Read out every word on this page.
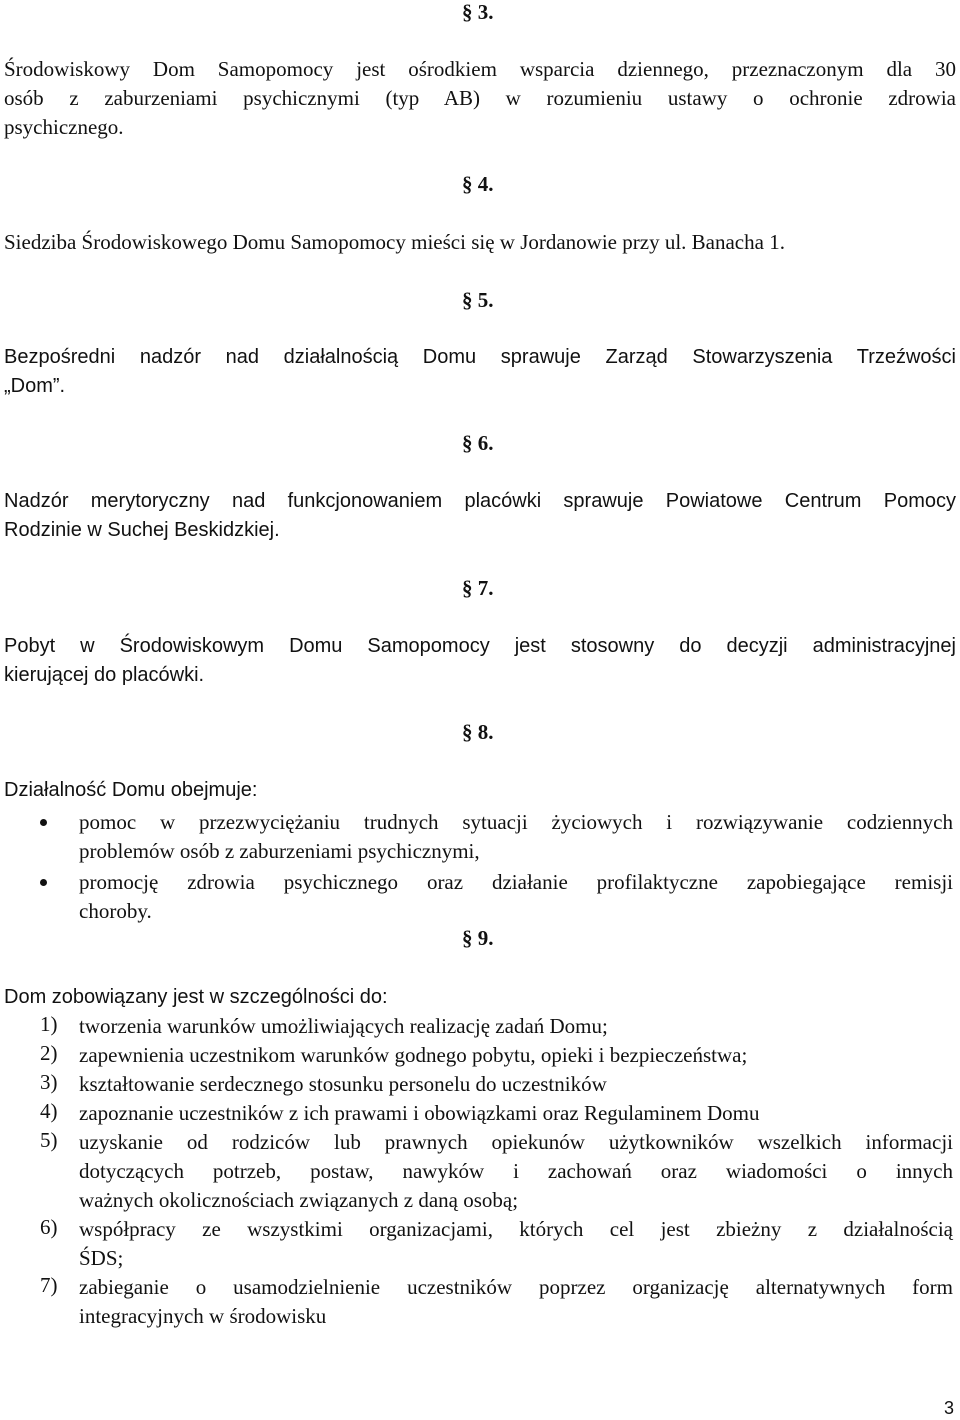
§ 3.
Środowiskowy Dom Samopomocy jest ośrodkiem wsparcia dziennego, przeznaczonym dla 30
osób z zaburzeniami psychicznymi (typ AB) w rozumieniu ustawy o ochronie zdrowia
psychicznego.
§ 4.
Siedziba Środowiskowego Domu Samopomocy mieści się w Jordanowie przy ul. Banacha 1.
§ 5.
Bezpośredni nadzór nad działalnością Domu sprawuje Zarząd Stowarzyszenia Trzeźwości
„Dom”.
§ 6.
Nadzór merytoryczny nad funkcjonowaniem placówki sprawuje Powiatowe Centrum Pomocy
Rodzinie w Suchej Beskidzkiej.
§ 7.
Pobyt w Środowiskowym Domu Samopomocy jest stosowny do decyzji administracyjnej
kierującej do placówki.
§ 8.
Działalność Domu obejmuje:
pomoc w przezwyciężaniu trudnych sytuacji życiowych i rozwiązywanie codziennych
problemów osób z zaburzeniami psychicznymi,
promocję zdrowia psychicznego oraz działanie profilaktyczne zapobiegające remisji
choroby.
§ 9.
Dom zobowiązany jest w szczególności do:
1) tworzenia warunków umożliwiających realizację zadań Domu;
2) zapewnienia uczestnikom warunków godnego pobytu, opieki i bezpieczeństwa;
3) kształtowanie serdecznego stosunku personelu do uczestników
4) zapoznanie uczestników z ich prawami i obowiązkami oraz Regulaminem Domu
5) uzyskanie od rodziców lub prawnych opiekunów użytkowników wszelkich informacji
dotyczących potrzeb, postaw, nawyków i zachowań oraz wiadomości o innych
ważnych okolicznościach związanych z daną osobą;
6) współpracy ze wszystkimi organizacjami, których cel jest zbieżny z działalnością
ŚDS;
7) zabieganie o usamodzielnienie uczestników poprzez organizację alternatywnych form
integracyjnych w środowisku
3
